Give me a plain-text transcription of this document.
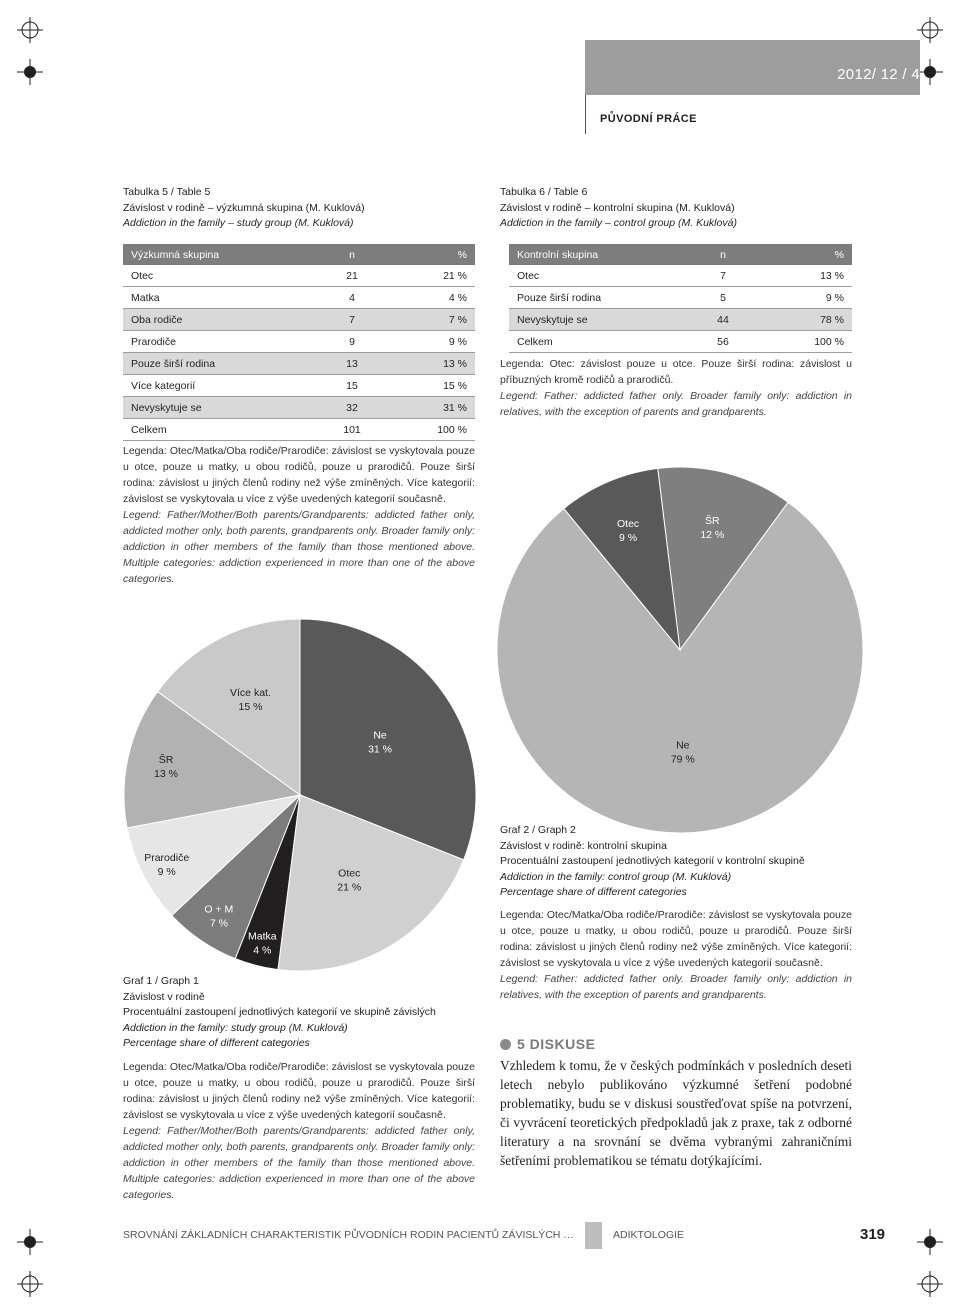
2012/ 12 / 4
PŮVODNÍ PRÁCE
Tabulka 5 / Table 5
Závislost v rodině – výzkumná skupina (M. Kuklová)
Addiction in the family – study group (M. Kuklová)
Výzkumná skupina	n	%
Otec	21	21 %
Matka	4	4 %
Oba rodiče	7	7 %
Prarodiče	9	9 %
Pouze širší rodina	13	13 %
Více kategorií	15	15 %
Nevyskytuje se	32	31 %
Celkem	101	100 %
Legenda: Otec/Matka/Oba rodiče/Prarodiče: závislost se vyskytovala pouze u otce, pouze u matky, u obou rodičů, pouze u prarodičů. Pouze širší rodina: závislost u jiných členů rodiny než výše zmíněných. Více kategorií: závislost se vyskytovala u více z výše uvedených kategorií současně.
Legend: Father/Mother/Both parents/Grandparents: addicted father only, addicted mother only, both parents, grandparents only. Broader family only: addiction in other members of the family than those mentioned above. Multiple categories: addiction experienced in more than one of the above categories.
Tabulka 6 / Table 6
Závislost v rodině – kontrolní skupina (M. Kuklová)
Addiction in the family – control group (M. Kuklová)
Kontrolní skupina	n	%
Otec	7	13 %
Pouze širší rodina	5	9 %
Nevyskytuje se	44	78 %
Celkem	56	100 %
Legenda: Otec: závislost pouze u otce. Pouze širší rodina: závislost u příbuzných kromě rodičů a prarodičů.
Legend: Father: addicted father only. Broader family only: addiction in relatives, with the exception of parents and grandparents.
ŠR
12 %
Ne
79 %
Otec
9 %
Ne
31 %
Otec
21 %
Matka
4 %
O + M
7 %
Prarodiče
9 %
ŠR
13 %
Více kat.
15 %
Graf 1 / Graph 1
Závislost v rodině
Procentuální zastoupení jednotlivých kategorií ve skupině závislých
Addiction in the family: study group (M. Kuklová)
Percentage share of different categories
Legenda: Otec/Matka/Oba rodiče/Prarodiče: závislost se vyskytovala pouze u otce, pouze u matky, u obou rodičů, pouze u prarodičů. Pouze širší rodina: závislost u jiných členů rodiny než výše zmíněných. Více kategorií: závislost se vyskytovala u více z výše uvedených kategorií současně.
Legend: Father/Mother/Both parents/Grandparents: addicted father only, addicted mother only, both parents, grandparents only. Broader family only: addiction in other members of the family than those mentioned above. Multiple categories: addiction experienced in more than one of the above categories.
Graf 2 / Graph 2
Závislost v rodině: kontrolní skupina
Procentuální zastoupení jednotlivých kategorií v kontrolní skupině
Addiction in the family: control group (M. Kuklová)
Percentage share of different categories
Legenda: Otec/Matka/Oba rodiče/Prarodiče: závislost se vyskytovala pouze u otce, pouze u matky, u obou rodičů, pouze u prarodičů. Pouze širší rodina: závislost u jiných členů rodiny než výše zmíněných. Více kategorií: závislost se vyskytovala u více z výše uvedených kategorií současně.
Legend: Father: addicted father only. Broader family only: addiction in relatives, with the exception of parents and grandparents.
5 DISKUSE
Vzhledem k tomu, že v českých podmínkách v posledních deseti letech nebylo publikováno výzkumné šetření podobné problematiky, budu se v diskusi soustřeďovat spíše na potvrzení, či vyvrácení teoretických předpokladů jak z praxe, tak z odborné literatury a na srovnání se dvěma vybranými zahraničními šetřeními problematikou se tématu dotýkajícími.
SROVNÁNÍ ZÁKLADNÍCH CHARAKTERISTIK PŮVODNÍCH RODIN PACIENTŮ ZÁVISLÝCH …	ADIKTOLOGIE	319
